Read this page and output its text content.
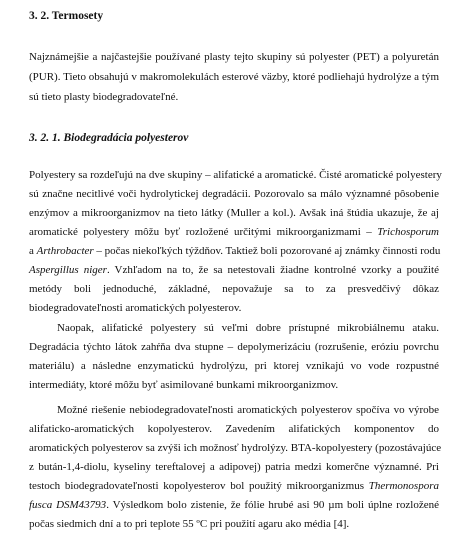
3. 2. Termosety
Najznámejšie a najčastejšie používané plasty tejto skupiny sú polyester (PET) a polyuretán
(PUR). Tieto obsahujú v makromolekulách esterové väzby, ktoré podliehajú hydrolýze a tým
sú tieto plasty biodegradovateľné.
3. 2. 1. Biodegradácia polyesterov
Polyestery sa rozdeľujú na dve skupiny – alifatické a aromatické. Čisté aromatické polyestery
sú značne necitlivé voči hydrolytickej degradácii. Pozorovalo sa málo významné pôsobenie
enzýmov a mikroorganizmov na tieto látky (Muller a kol.). Avšak iná štúdia ukazuje, že aj
aromatické polyestery môžu byť rozložené určitými mikroorganizmami – Trichosporum
a Arthrobacter – počas niekoľkých týždňov. Taktiež boli pozorované aj známky činnosti rodu
Aspergillus niger. Vzhľadom na to, že sa netestovali žiadne kontrolné vzorky a použité
metódy boli jednoduché, základné, nepovažuje sa to za presvedčivý dôkaz
biodegradovateľnosti aromatických polyesterov.
Naopak, alifatické polyestery sú veľmi dobre prístupné mikrobiálnemu ataku.
Degradácia týchto látok zahŕňa dva stupne – depolymerizáciu (rozrušenie, eróziu povrchu
materiálu) a následne enzymatickú hydrolýzu, pri ktorej vznikajú vo vode rozpustné
intermediáty, ktoré môžu byť asimilované bunkami mikroorganizmov.
Možné riešenie nebiodegradovateľnosti aromatických polyesterov spočíva vo výrobe
alifaticko-aromatických kopolyesterov. Zavedením alifatických komponentov do
aromatických polyesterov sa zvýši ich možnosť hydrolýzy. BTA-kopolyestery (pozostávajúce
z bután-1,4-diolu, kyseliny tereftalovej a adipovej) patria medzi komerčne významné. Pri
testoch biodegradovateľnosti kopolyesterov bol použitý mikroorganizmus Thermonospora
fusca DSM43793. Výsledkom bolo zistenie, že fólie hrubé asi 90 µm boli úplne rozložené
počas siedmich dní a to pri teplote 55 ºC pri použití agaru ako média [4].
